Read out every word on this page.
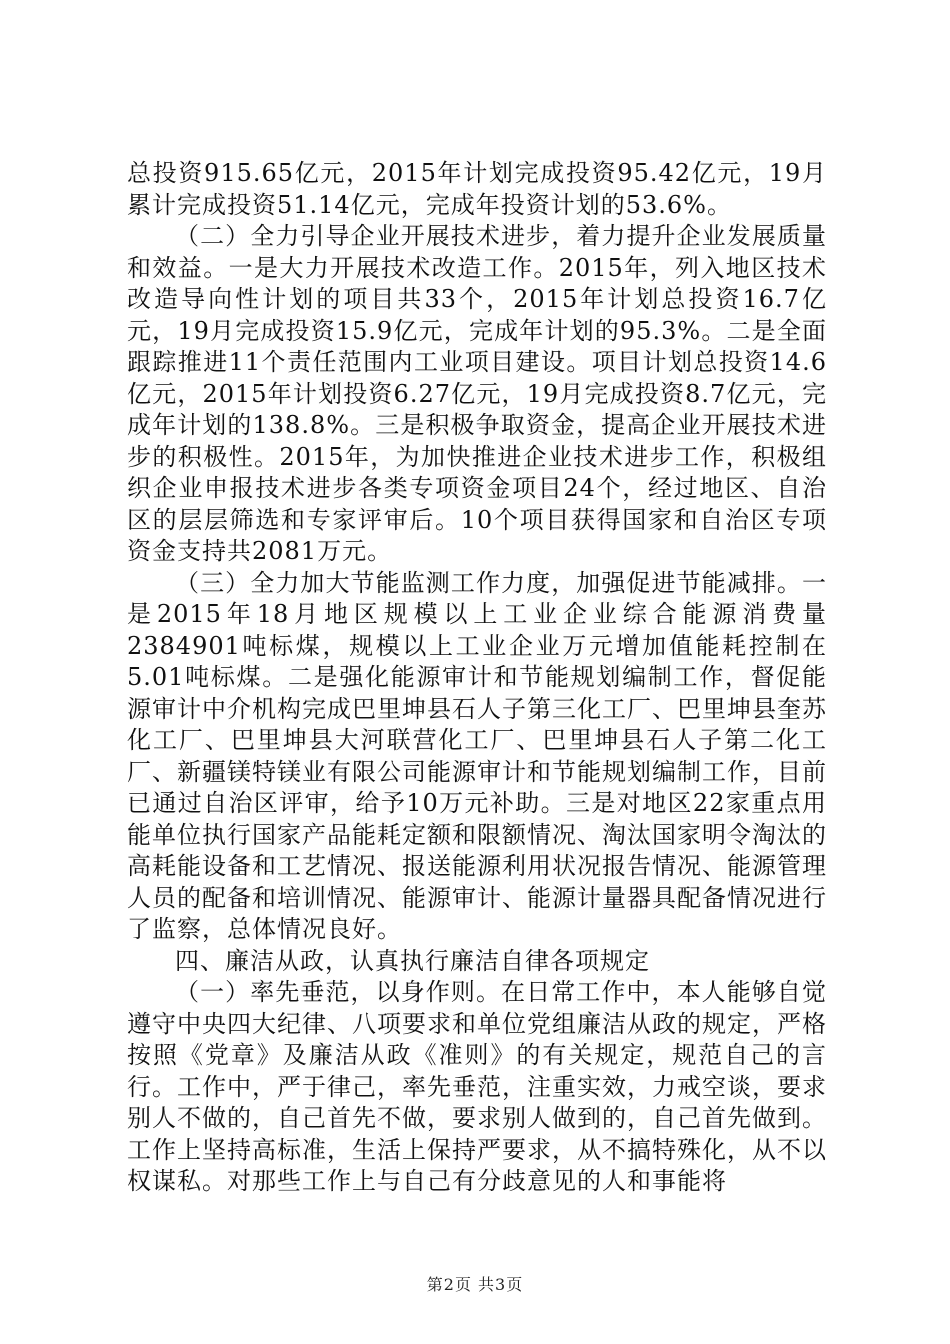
总投资915.65亿元，2015年计划完成投资95.42亿元，19月累计完成投资51.14亿元，完成年投资计划的53.6%。

（二）全力引导企业开展技术进步，着力提升企业发展质量和效益。一是大力开展技术改造工作。2015年，列入地区技术改造导向性计划的项目共33个，2015年计划总投资16.7亿元，19月完成投资15.9亿元，完成年计划的95.3%。二是全面跟踪推进11个责任范围内工业项目建设。项目计划总投资14.6亿元，2015年计划投资6.27亿元，19月完成投资8.7亿元，完成年计划的138.8%。三是积极争取资金，提高企业开展技术进步的积极性。2015年，为加快推进企业技术进步工作，积极组织企业申报技术进步各类专项资金项目24个，经过地区、自治区的层层筛选和专家评审后。10个项目获得国家和自治区专项资金支持共2081万元。

（三）全力加大节能监测工作力度，加强促进节能减排。一是2015年18月地区规模以上工业企业综合能源消费量2384901吨标煤，规模以上工业企业万元增加值能耗控制在5.01吨标煤。二是强化能源审计和节能规划编制工作，督促能源审计中介机构完成巴里坤县石人子第三化工厂、巴里坤县奎苏化工厂、巴里坤县大河联营化工厂、巴里坤县石人子第二化工厂、新疆镁特镁业有限公司能源审计和节能规划编制工作，目前已通过自治区评审，给予10万元补助。三是对地区22家重点用能单位执行国家产品能耗定额和限额情况、淘汰国家明令淘汰的高耗能设备和工艺情况、报送能源利用状况报告情况、能源管理人员的配备和培训情况、能源审计、能源计量器具配备情况进行了监察，总体情况良好。

四、廉洁从政，认真执行廉洁自律各项规定

（一）率先垂范，以身作则。在日常工作中，本人能够自觉遵守中央四大纪律、八项要求和单位党组廉洁从政的规定，严格按照《党章》及廉洁从政《准则》的有关规定，规范自己的言行。工作中，严于律己，率先垂范，注重实效，力戒空谈，要求别人不做的，自己首先不做，要求别人做到的，自己首先做到。工作上坚持高标准，生活上保持严要求，从不搞特殊化，从不以权谋私。对那些工作上与自己有分歧意见的人和事能将

第2页 共3页
